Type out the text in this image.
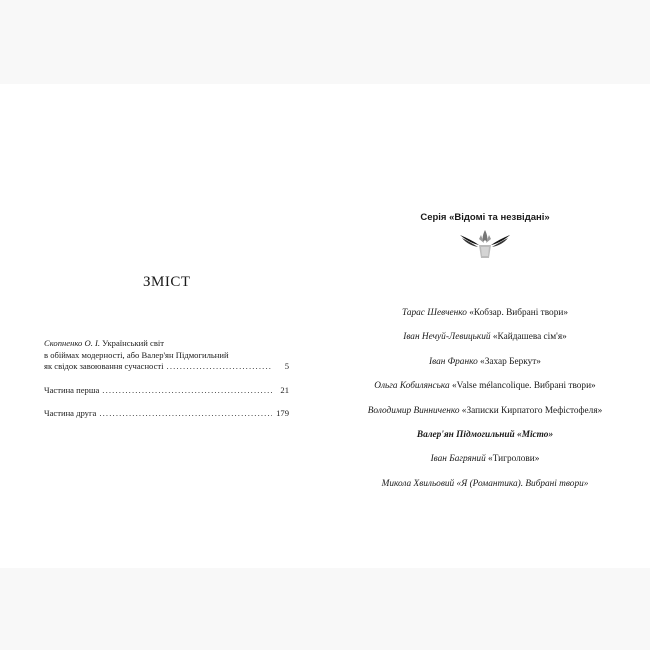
ЗМІСТ
Скопненко О. І. Український світ
в обіймах модерності, або Валер'ян Підмогильний
як свідок завоювання сучасності . . .	5
Частина перша . . .	21
Частина друга . . .	179
Серія «Відомі та незвідані»
Тарас Шевченко «Кобзар. Вибрані твори»
Іван Нечуй-Левицький «Кайдашева сім'я»
Іван Франко «Захар Беркут»
Ольга Кобилянська «Valse mélancolique. Вибрані твори»
Володимир Винниченко «Записки Кирпатого Мефістофеля»
Валер'ян Підмогильний «Місто»
Іван Багряний «Тигролови»
Микола Хвильовий «Я (Романтика). Вибрані твори»
